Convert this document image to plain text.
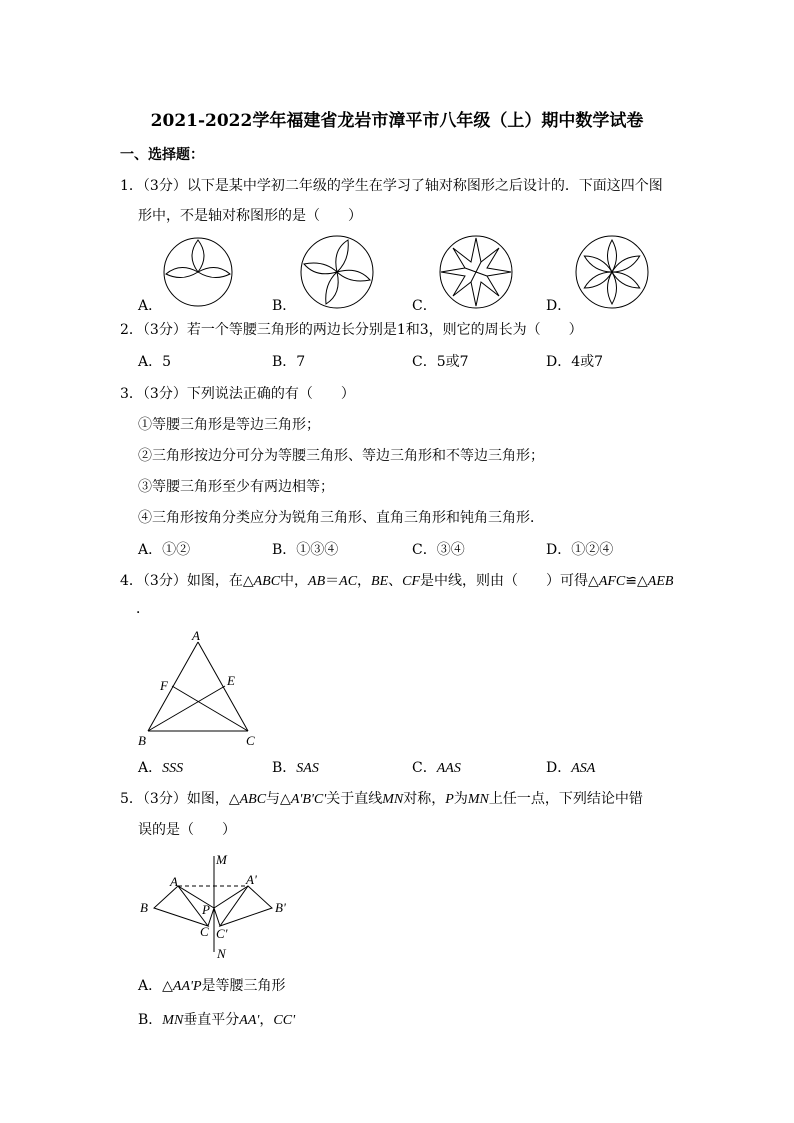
2021-2022学年福建省龙岩市漳平市八年级（上）期中数学试卷
一、选择题：
1．（3分）以下是某中学初二年级的学生在学习了轴对称图形之后设计的．下面这四个图
形中，不是轴对称图形的是（　　）
A．	B．	C．	D．
2．（3分）若一个等腰三角形的两边长分别是1和3，则它的周长为（　　）
A．5	B．7	C．5或7	D．4或7
3．（3分）下列说法正确的有（　　）
①等腰三角形是等边三角形；
②三角形按边分可分为等腰三角形、等边三角形和不等边三角形；
③等腰三角形至少有两边相等；
④三角形按角分类应分为锐角三角形、直角三角形和钝角三角形．
A．①②	B．①③④	C．③④	D．①②④
4．（3分）如图，在△ABC中，AB＝AC，BE、CF是中线，则由（　　）可得△AFC≌△AEB
．
A
F	E
B	C
A．SSS	B．SAS	C．AAS	D．ASA
5．（3分）如图，△ABC与△A'B'C'关于直线MN对称，P为MN上任一点，下列结论中错
误的是（　　）
M
A	A'
B	B'
P
C C'
N
A．△AA'P是等腰三角形
B．MN垂直平分AA'，CC'
